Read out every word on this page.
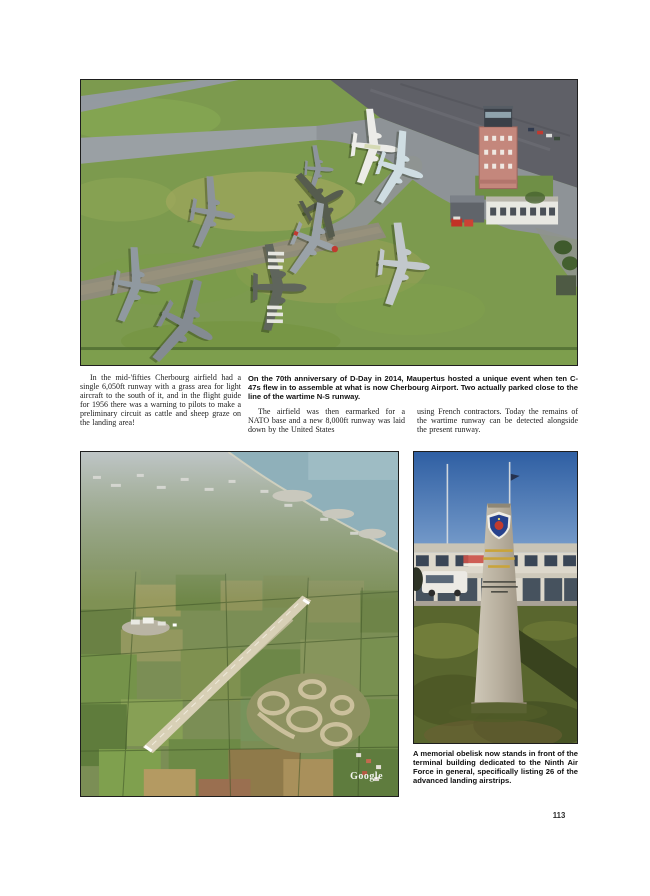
In the mid-'fifties Cherbourg airfield had a single 6,050ft runway with a grass area for light aircraft to the south of it, and in the flight guide for 1956 there was a warning to pilots to make a preliminary circuit as cattle and sheep graze on the landing area!
On the 70th anniversary of D-Day in 2014, Maupertus hosted a unique event when ten C-47s flew in to assemble at what is now Cherbourg Airport. Two actually parked close to the line of the wartime N-S runway.
The airfield was then earmarked for a NATO base and a new 8,000ft runway was laid down by the United States
using French contractors. Today the remains of the wartime runway can be detected alongside the present runway.
Google
A memorial obelisk now stands in front of the terminal building dedicated to the Ninth Air Force in general, specifically listing 26 of the advanced landing airstrips.
113
